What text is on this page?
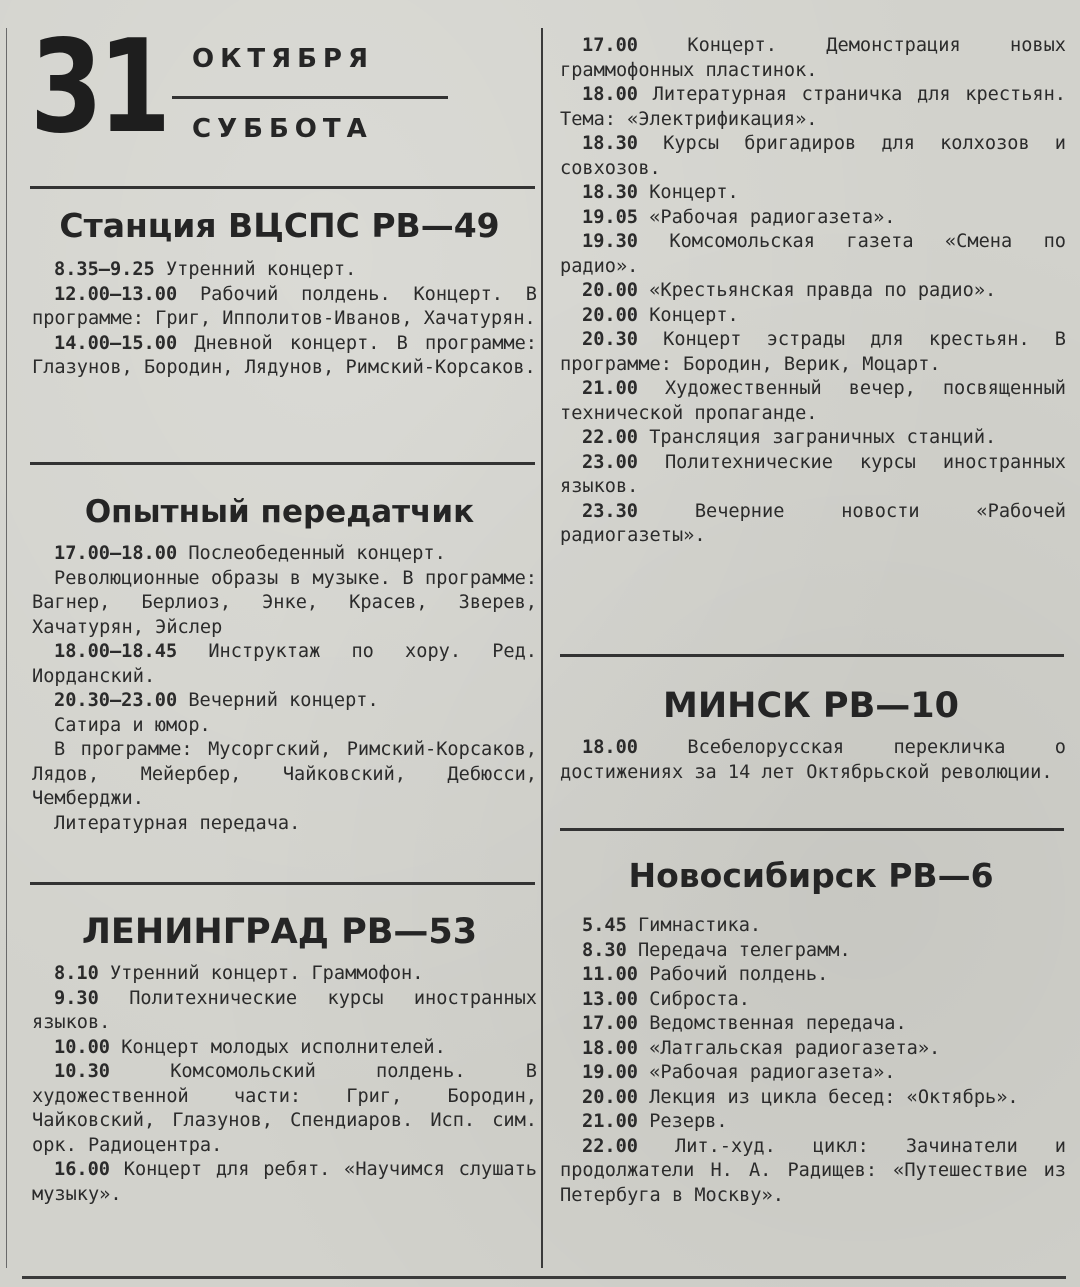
31 ОКТЯБРЯ
СУББОТА
Станция ВЦСПС РВ—49

8.35—9.25 Утренний концерт.

12.00—13.00 Рабочий полдень. Концерт. В программе: Григ, Ипполитов-Иванов, Хачатурян.

14.00—15.00 Дневной концерт. В программе: Глазунов, Бородин, Лядунов, Римский-Корсаков.

Опытный передатчик

17.00—18.00 Послеобеденный концерт.

Революционные образы в музыке. В программе: Вагнер, Берлиоз, Энке, Красев, Зверев, Хачатурян, Эйслер

18.00—18.45 Инструктаж по хору. Ред. Иорданский.

20.30—23.00 Вечерний концерт.

Сатира и юмор.

В программе: Мусоргский, Римский-Корсаков, Лядов, Мейербер, Чайковский, Дебюсси, Чемберджи.

Литературная передача.

ЛЕНИНГРАД РВ—53

8.10 Утренний концерт. Граммофон.

9.30 Политехнические курсы иностранных языков.

10.00 Концерт молодых исполнителей.

10.30	Комсомольский полдень. В художественной части: Григ, Бородин, Чайковский, Глазунов, Спендиаров. Исп. сим. орк. Радиоцентра.

16.00 Концерт для ребят. «Научимся слушать музыку».

17.00	Концерт. Демонстрация новых граммофонных пластинок.

18.00 Литературная страничка для крестьян. Тема: «Электрификация».

18.30 Курсы бригадиров для колхозов и совхозов.

18.30 Концерт.

19.05 «Рабочая радиогазета».

19.30 Комсомольская газета «Смена по радио».

20.00 «Крестьянская правда по радио».

20.00 Концерт.

20.30 Концерт эстрады для крестьян. В программе: Бородин, Верик, Моцарт.

21.00 Художественный вечер, посвященный технической пропаганде.

22.00 Трансляция заграничных станций.

23.00 Политехнические курсы иностранных языков.

23.30	Вечерние новости «Рабочей радиогазеты».

МИНСК РВ—10

18.00	Всебелорусская перекличка о достижениях за 14 лет Октябрьской революции.

Новосибирск РВ—6

5.45 Гимнастика.

8.30 Передача телеграмм.

11.00 Рабочий полдень.

13.00 Сиброста.

17.00 Ведомственная передача.

18.00 «Латгальская радиогазета».

19.00 «Рабочая радиогазета».

20.00 Лекция из цикла бесед: «Октябрь».

21.00 Резерв.

22.00 Лит.-худ. цикл: Зачинатели и продолжатели Н. А. Радищев: «Путешествие из Петербуга в Москву».
